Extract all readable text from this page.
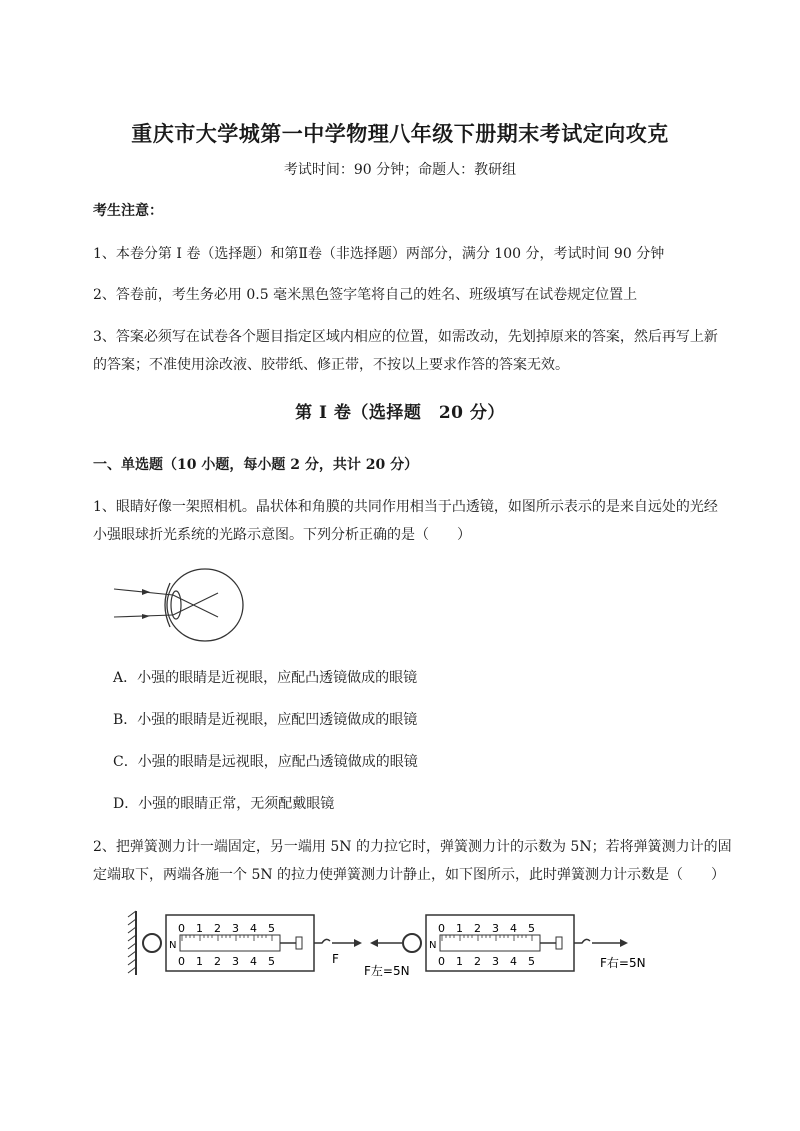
重庆市大学城第一中学物理八年级下册期末考试定向攻克
考试时间：90 分钟；命题人：教研组
考生注意：
1、本卷分第 I 卷（选择题）和第Ⅱ卷（非选择题）两部分，满分 100 分，考试时间 90 分钟
2、答卷前，考生务必用 0.5 毫米黑色签字笔将自己的姓名、班级填写在试卷规定位置上
3、答案必须写在试卷各个题目指定区域内相应的位置，如需改动，先划掉原来的答案，然后再写上新
的答案；不准使用涂改液、胶带纸、修正带，不按以上要求作答的答案无效。
第 I 卷（选择题　20 分）
一、单选题（10 小题，每小题 2 分，共计 20 分）
1、眼睛好像一架照相机。晶状体和角膜的共同作用相当于凸透镜，如图所示表示的是来自远处的光经
小强眼球折光系统的光路示意图。下列分析正确的是（　　）
A．小强的眼睛是近视眼，应配凸透镜做成的眼镜
B．小强的眼睛是近视眼，应配凹透镜做成的眼镜
C．小强的眼睛是远视眼，应配凸透镜做成的眼镜
D．小强的眼睛正常，无须配戴眼镜
2、把弹簧测力计一端固定，另一端用 5N 的力拉它时，弹簧测力计的示数为 5N；若将弹簧测力计的固
定端取下，两端各施一个 5N 的拉力使弹簧测力计静止，如下图所示，此时弹簧测力计示数是（　　）
N
0 1 2 3 4 5
0 1 2 3 4 5	F
N
0 1 2 3 4 5
0 1 2 3 4 5
F左=5N
F右=5N
